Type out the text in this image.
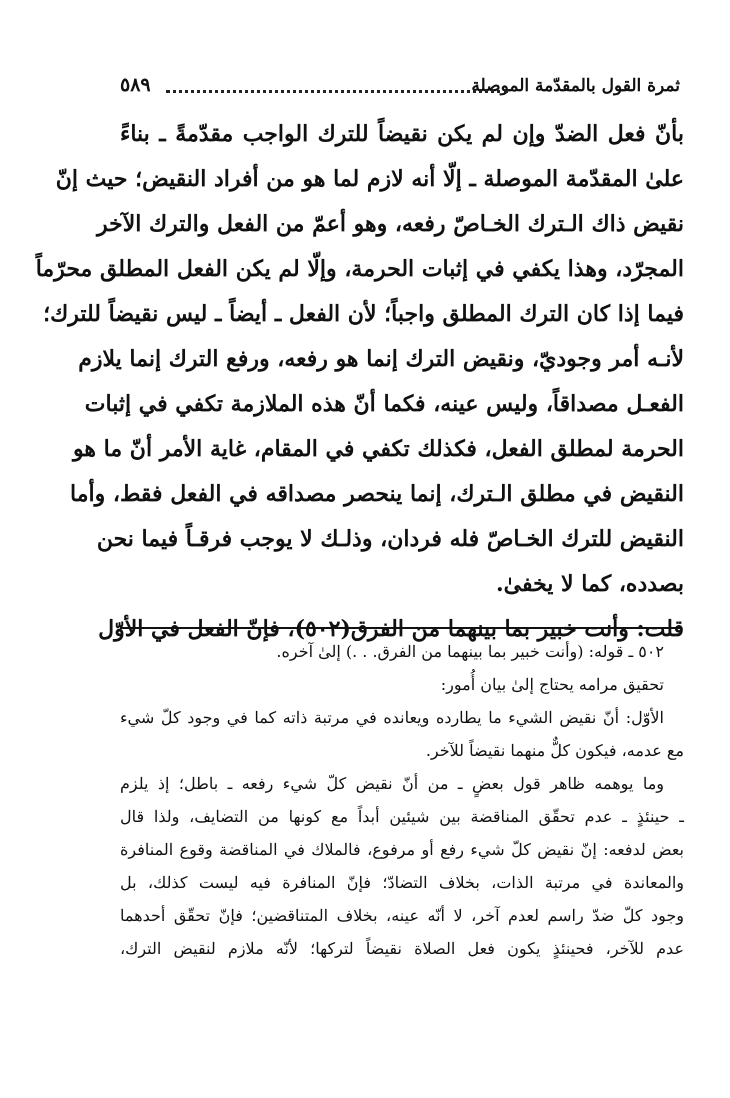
ثمرة القول بالمقدّمة الموصلة
٥٨٩
بأنّ فعل الضدّ وإن لم يكن نقيضاً للترك الواجب مقدّمةً ـ بناءً
علىٰ المقدّمة الموصلة ـ إلّا أنه لازم لما هو من أفراد النقيض؛ حيث إنّ
نقيض ذاك الـترك الخـاصّ رفعه، وهو أعمّ من الفعل والترك الآخر
المجرّد، وهذا يكفي في إثبات الحرمة، وإلّا لم يكن الفعل المطلق محرّماً
فيما إذا كان الترك المطلق واجباً؛ لأن الفعل ـ أيضاً ـ ليس نقيضاً للترك؛
لأنـه أمر وجوديّ، ونقيض الترك إنما هو رفعه، ورفع الترك إنما يلازم
الفعـل مصداقاً، وليس عينه، فكما أنّ هذه الملازمة تكفي في إثبات
الحرمة لمطلق الفعل، فكذلك تكفي في المقام، غاية الأمر أنّ ما هو
النقيض في مطلق الـترك، إنما ينحصر مصداقه في الفعل فقط، وأما
النقيض للترك الخـاصّ فله فردان، وذلـك لا يوجب فرقـاً فيما نحن
بصدده، كما لا يخفىٰ.
قلت: وأنت خبير بما بينهما من الفرق(٥٠٢)، فإنّ الفعل في الأوّل
٥٠٢ ـ قوله: (وأنت خبير بما بينهما من الفرق. . .) إلىٰ آخره.
تحقيق مرامه يحتاج إلىٰ بيان أُمور:
الأوّل: أنّ نقيض الشيء ما يطارده ويعانده في مرتبة ذاته كما في وجود كلّ شيء
مع عدمه، فيكون كلٌّ منهما نقيضاً للآخر.
وما يوهمه ظاهر قول بعضٍ ـ من أنّ نقيض كلّ شيء رفعه ـ باطل؛ إذ يلزم
ـ حينئذٍ ـ عدم تحقّق المناقضة بين شيئين أبداً مع كونها من التضايف، ولذا قال
بعض لدفعه: إنّ نقيض كلّ شيء رفع أو مرفوع، فالملاك في المناقضة وقوع المنافرة
والمعاندة في مرتبة الذات، بخلاف التضادّ؛ فإنّ المنافرة فيه ليست كذلك، بل
وجود كلّ ضدّ راسم لعدم آخر، لا أنّه عينه، بخلاف المتناقضين؛ فإنّ تحقّق أحدهما
عدم للآخر، فحينئذٍ يكون فعل الصلاة نقيضاً لتركها؛ لأنّه ملازم لنقيض الترك،
